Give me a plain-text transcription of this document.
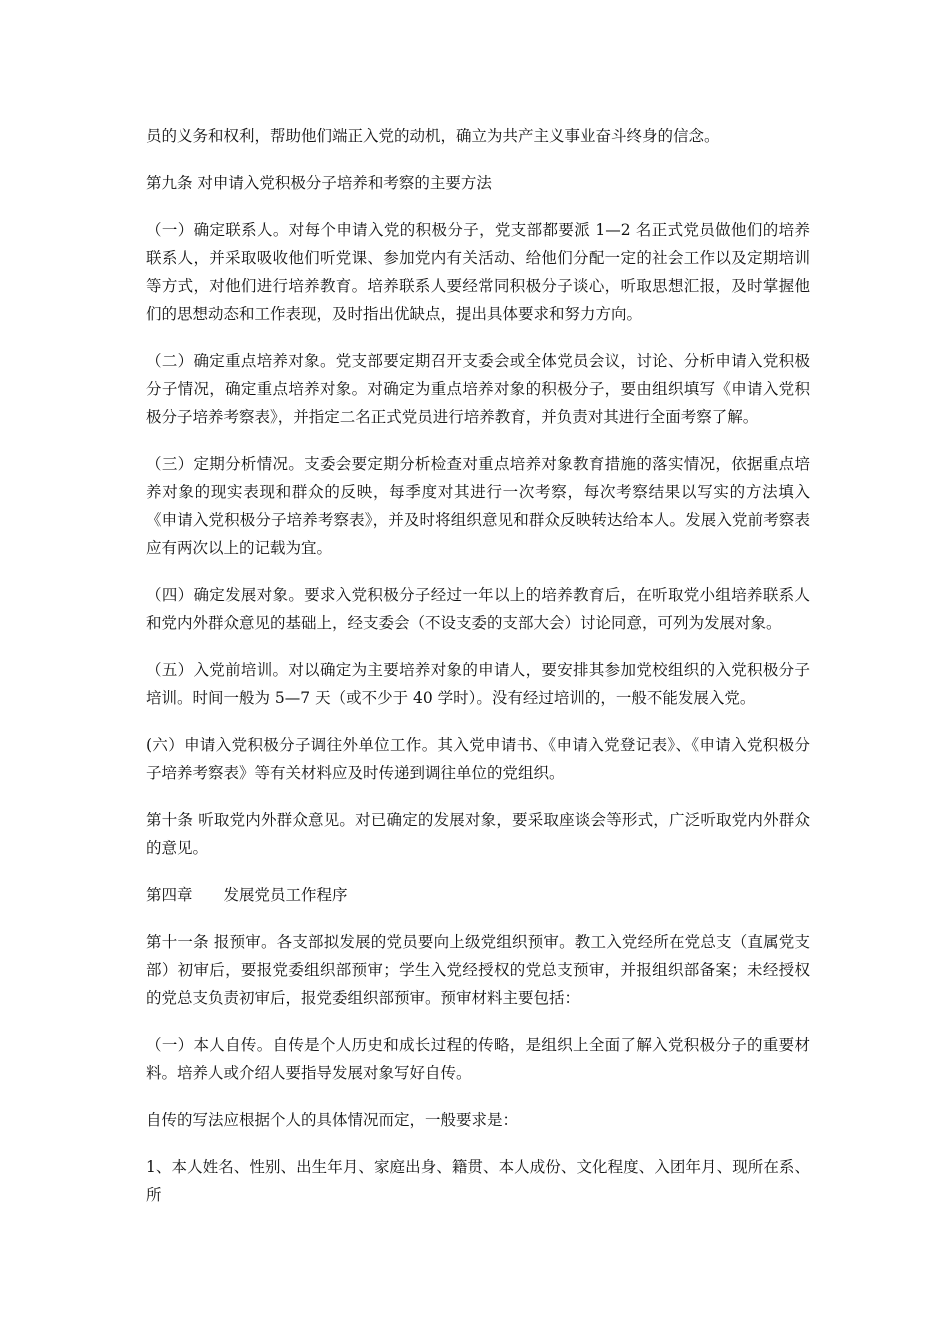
员的义务和权利，帮助他们端正入党的动机，确立为共产主义事业奋斗终身的信念。

第九条 对申请入党积极分子培养和考察的主要方法

（一）确定联系人。对每个申请入党的积极分子，党支部都要派 1—2 名正式党员做他们的培养联系人，并采取吸收他们听党课、参加党内有关活动、给他们分配一定的社会工作以及定期培训等方式，对他们进行培养教育。培养联系人要经常同积极分子谈心，听取思想汇报，及时掌握他们的思想动态和工作表现，及时指出优缺点，提出具体要求和努力方向。

（二）确定重点培养对象。党支部要定期召开支委会或全体党员会议，讨论、分析申请入党积极分子情况，确定重点培养对象。对确定为重点培养对象的积极分子，要由组织填写《申请入党积极分子培养考察表》，并指定二名正式党员进行培养教育，并负责对其进行全面考察了解。

（三）定期分析情况。支委会要定期分析检查对重点培养对象教育措施的落实情况，依据重点培养对象的现实表现和群众的反映，每季度对其进行一次考察，每次考察结果以写实的方法填入《申请入党积极分子培养考察表》，并及时将组织意见和群众反映转达给本人。发展入党前考察表应有两次以上的记载为宜。

（四）确定发展对象。要求入党积极分子经过一年以上的培养教育后，在听取党小组培养联系人和党内外群众意见的基础上，经支委会（不设支委的支部大会）讨论同意，可列为发展对象。

（五）入党前培训。对以确定为主要培养对象的申请人，要安排其参加党校组织的入党积极分子培训。时间一般为 5—7 天（或不少于 40 学时）。没有经过培训的，一般不能发展入党。

(六）申请入党积极分子调往外单位工作。其入党申请书、《申请入党登记表》、《申请入党积极分子培养考察表》等有关材料应及时传递到调往单位的党组织。

第十条 听取党内外群众意见。对已确定的发展对象，要采取座谈会等形式，广泛听取党内外群众的意见。

第四章　　发展党员工作程序

第十一条 报预审。各支部拟发展的党员要向上级党组织预审。教工入党经所在党总支（直属党支部）初审后，要报党委组织部预审；学生入党经授权的党总支预审，并报组织部备案；未经授权的党总支负责初审后，报党委组织部预审。预审材料主要包括：

（一）本人自传。自传是个人历史和成长过程的传略，是组织上全面了解入党积极分子的重要材料。培养人或介绍人要指导发展对象写好自传。

自传的写法应根据个人的具体情况而定，一般要求是：

1、本人姓名、性别、出生年月、家庭出身、籍贯、本人成份、文化程度、入团年月、现所在系、所
